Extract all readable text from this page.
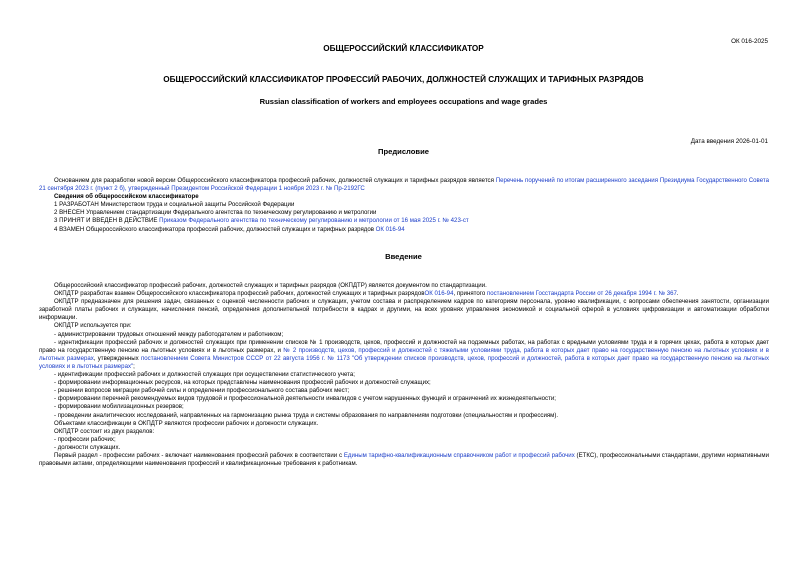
ОК 016-2025
ОБЩЕРОССИЙСКИЙ КЛАССИФИКАТОР
ОБЩЕРОССИЙСКИЙ КЛАССИФИКАТОР ПРОФЕССИЙ РАБОЧИХ, ДОЛЖНОСТЕЙ СЛУЖАЩИХ И ТАРИФНЫХ РАЗРЯДОВ
Russian classification of workers and employees occupations and wage grades
Дата введения 2026-01-01
Предисловие

Основанием для разработки новой версии Общероссийского классификатора профессий рабочих, должностей служащих и тарифных разрядов является Перечень поручений по итогам расширенного заседания Президиума Государственного Совета 21 сентября 2023 г. (пункт 2 б), утвержденный Президентом Российской Федерации 1 ноября 2023 г. № Пр-2192ГС

Сведения об общероссийском классификаторе

1 РАЗРАБОТАН Министерством труда и социальной защиты Российской Федерации

2 ВНЕСЕН Управлением стандартизации Федерального агентства по техническому регулированию и метрологии

3 ПРИНЯТ И ВВЕДЕН В ДЕЙСТВИЕ Приказом Федерального агентства по техническому регулированию и метрологии от 16 мая 2025 г. № 423-ст

4 ВЗАМЕН Общероссийского классификатора профессий рабочих, должностей служащих и тарифных разрядов ОК 016-94

Введение

Общероссийский классификатор профессий рабочих, должностей служащих и тарифных разрядов (ОКПДТР) является документом по стандартизации.

ОКПДТР разработан взамен Общероссийского классификатора профессий рабочих, должностей служащих и тарифных разрядовОК 016-94, принятого постановлением Госстандарта России от 26 декабря 1994 г. № 367.

ОКПДТР предназначен для решения задач, связанных с оценкой численности рабочих и служащих, учетом состава и распределением кадров по категориям персонала, уровню квалификации, с вопросами обеспечения занятости, организации заработной платы рабочих и служащих, начисления пенсий, определения дополнительной потребности в кадрах и другими, на всех уровнях управления экономикой и социальной сферой в условиях цифровизации и автоматизации обработки информации.

ОКПДТР используется при:

- администрировании трудовых отношений между работодателем и работником;

- идентификации профессий рабочих и должностей служащих при применении списков № 1 производств, цехов, профессий и должностей на подземных работах, на работах с вредными условиями труда и в горячих цехах, работа в которых дает право на государственную пенсию на льготных условиях и в льготных размерах, и № 2 производств, цехов, профессий и должностей с тяжелыми условиями труда, работа в которых дает право на государственную пенсию на льготных условиях и в льготных размерах, утвержденных постановлением Совета Министров СССР от 22 августа 1956 г. № 1173 "Об утверждении списков производств, цехов, профессий и должностей, работа в которых дает право на государственную пенсию на льготных условиях и в льготных размерах";

- идентификации профессий рабочих и должностей служащих при осуществлении статистического учета;

- формировании информационных ресурсов, на которых представлены наименования профессий рабочих и должностей служащих;

- решении вопросов миграции рабочей силы и определении профессионального состава рабочих мест;

- формировании перечней рекомендуемых видов трудовой и профессиональной деятельности инвалидов с учетом нарушенных функций и ограничений их жизнедеятельности;

- формировании мобилизационных резервов;

- проведении аналитических исследований, направленных на гармонизацию рынка труда и системы образования по направлениям подготовки (специальностям и профессиям).

Объектами классификации в ОКПДТР являются профессии рабочих и должности служащих.

ОКПДТР состоит из двух разделов:

- профессии рабочих;

- должности служащих.

Первый раздел - профессии рабочих - включает наименования профессий рабочих в соответствии с Единым тарифно-квалификационным справочником работ и профессий рабочих (ЕТКС), профессиональными стандартами, другими нормативными правовыми актами, определяющими наименования профессий и квалификационные требования к работникам.
